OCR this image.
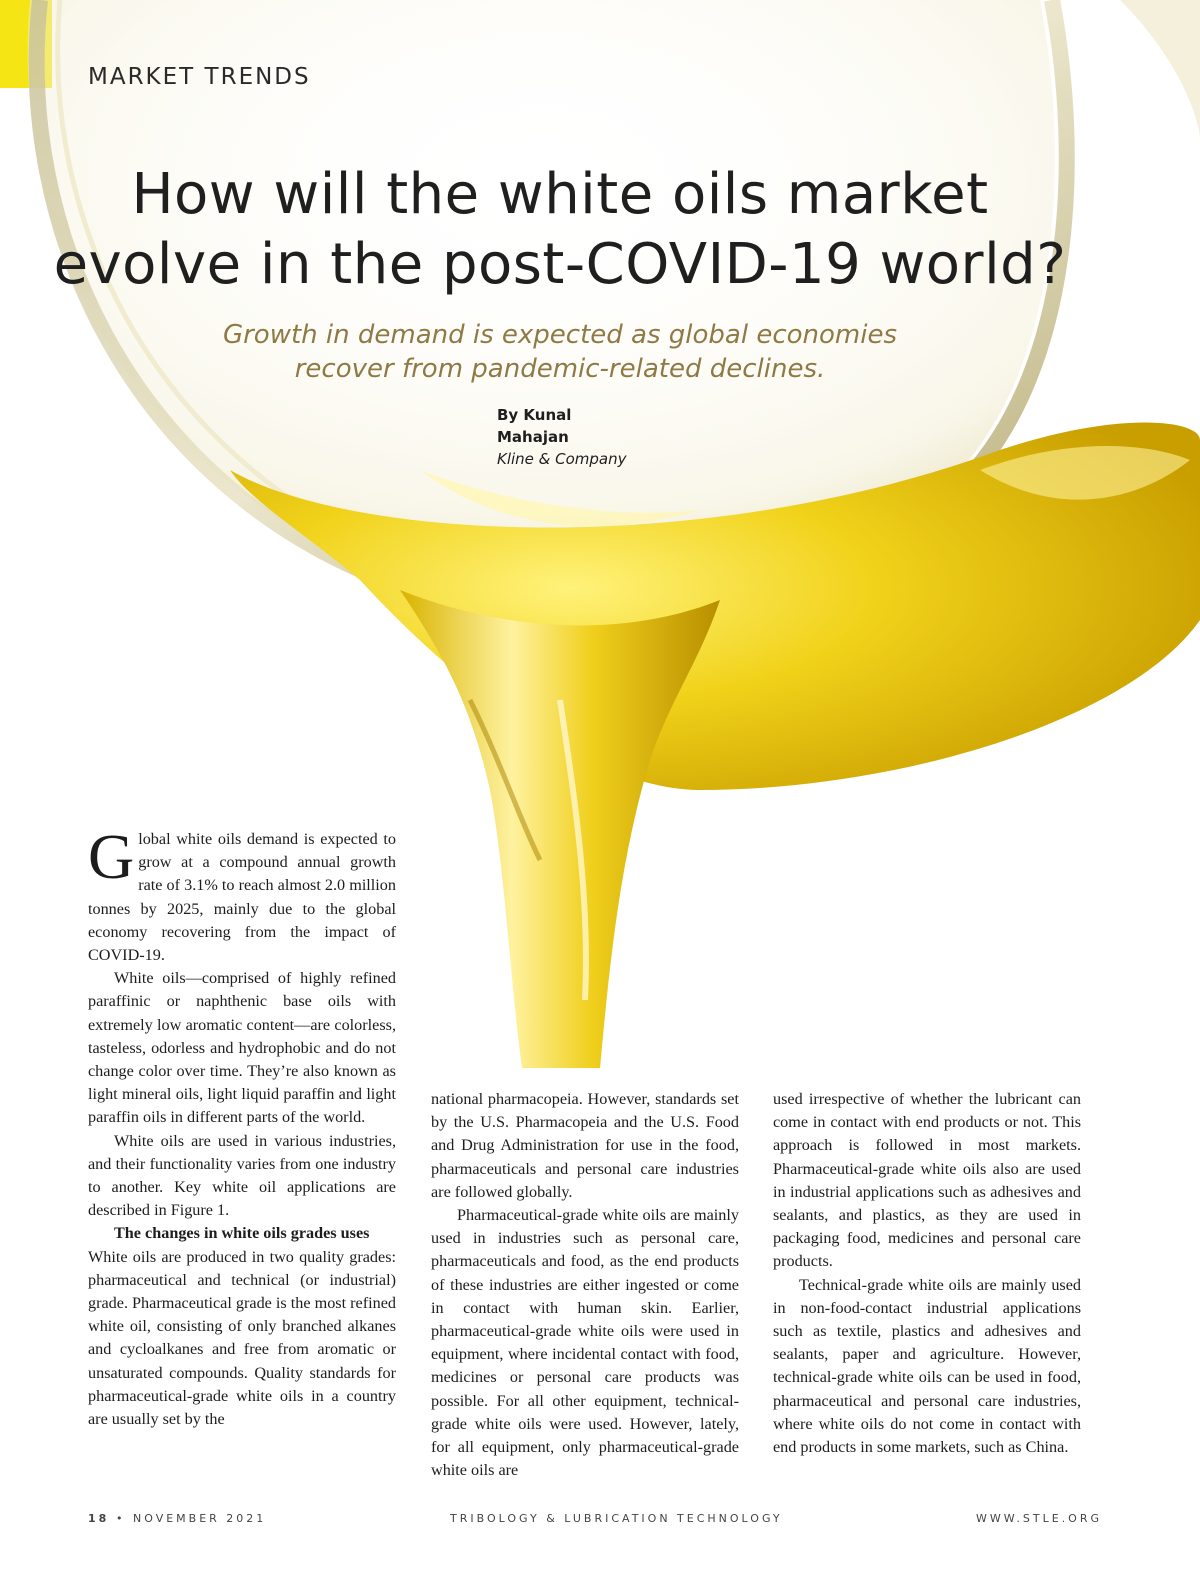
MARKET TRENDS
How will the white oils market
evolve in the post-COVID-19 world?
Growth in demand is expected as global economies
recover from pandemic-related declines.
By Kunal Mahajan
Kline & Company

Global white oils demand is expected to grow at a compound annual growth rate of 3.1% to reach almost 2.0 million tonnes by 2025, mainly due to the global economy recovering from the impact of COVID-19.

White oils—comprised of highly refined paraffinic or naphthenic base oils with extremely low aromatic content—are colorless, tasteless, odorless and hydrophobic and do not change color over time. They’re also known as light mineral oils, light liquid paraffin and light paraffin oils in different parts of the world.

White oils are used in various industries, and their functionality varies from one industry to another. Key white oil applications are described in Figure 1.

The changes in white oils grades uses

White oils are produced in two quality grades: pharmaceutical and technical (or industrial) grade. Pharmaceutical grade is the most refined white oil, consisting of only branched alkanes and cycloalkanes and free from aromatic or unsaturated compounds. Quality standards for pharmaceutical-grade white oils in a country are usually set by the

national pharmacopeia. However, standards set by the U.S. Pharmacopeia and the U.S. Food and Drug Administration for use in the food, pharmaceuticals and personal care industries are followed globally.

Pharmaceutical-grade white oils are mainly used in industries such as personal care, pharmaceuticals and food, as the end products of these industries are either ingested or come in contact with human skin. Earlier, pharmaceutical-grade white oils were used in equipment, where incidental contact with food, medicines or personal care products was possible. For all other equipment, technical-grade white oils were used. However, lately, for all equipment, only pharmaceutical-grade white oils are

used irrespective of whether the lubricant can come in contact with end products or not. This approach is followed in most markets. Pharmaceutical-grade white oils also are used in industrial applications such as adhesives and sealants, and plastics, as they are used in packaging food, medicines and personal care products.

Technical-grade white oils are mainly used in non-food-contact industrial applications such as textile, plastics and adhesives and sealants, paper and agriculture. However, technical-grade white oils can be used in food, pharmaceutical and personal care industries, where white oils do not come in contact with end products in some markets, such as China.

18 • NOVEMBER 2021	TRIBOLOGY & LUBRICATION TECHNOLOGY	WWW.STLE.ORG
